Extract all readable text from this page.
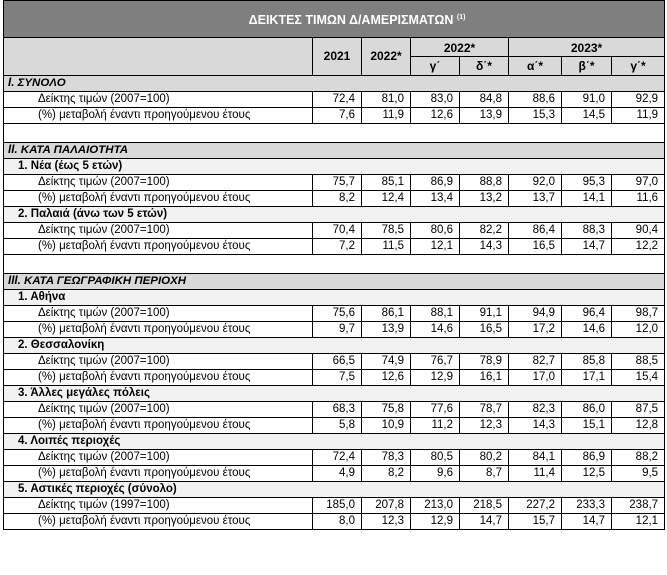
ΔΕΙΚΤΕΣ ΤΙΜΩΝ Δ/ΑΜΕΡΙΣΜΑΤΩΝ $^{(1)}$
	2021	2022*	2022*		2023*		
			γ΄	δ΄*	α΄*	β΄*	γ΄*
I. ΣΥΝΟΛΟ							
Δείκτης τιμών (2007=100)	72,4	81,0	83,0	84,8	88,6	91,0	92,9
(%) μεταβολή έναντι προηγούμενου έτους	7,6	11,9	12,6	13,9	15,3	14,5	11,9

II. ΚΑΤΑ ΠΑΛΑΙΟΤΗΤΑ							
1. Νέα (έως 5 ετών)							
Δείκτης τιμών (2007=100)	75,7	85,1	86,9	88,8	92,0	95,3	97,0
(%) μεταβολή έναντι προηγούμενου έτους	8,2	12,4	13,4	13,2	13,7	14,1	11,6
2. Παλαιά (άνω των 5 ετών)							
Δείκτης τιμών (2007=100)	70,4	78,5	80,6	82,2	86,4	88,3	90,4
(%) μεταβολή έναντι προηγούμενου έτους	7,2	11,5	12,1	14,3	16,5	14,7	12,2

III. ΚΑΤΑ ΓΕΩΓΡΑΦΙΚΗ ΠΕΡΙΟΧΗ							
1. Αθήνα							
Δείκτης τιμών (2007=100)	75,6	86,1	88,1	91,1	94,9	96,4	98,7
(%) μεταβολή έναντι προηγούμενου έτους	9,7	13,9	14,6	16,5	17,2	14,6	12,0
2. Θεσσαλονίκη							
Δείκτης τιμών (2007=100)	66,5	74,9	76,7	78,9	82,7	85,8	88,5
(%) μεταβολή έναντι προηγούμενου έτους	7,5	12,6	12,9	16,1	17,0	17,1	15,4
3. Άλλες μεγάλες πόλεις							
Δείκτης τιμών (2007=100)	68,3	75,8	77,6	78,7	82,3	86,0	87,5
(%) μεταβολή έναντι προηγούμενου έτους	5,8	10,9	11,2	12,3	14,3	15,1	12,8
4. Λοιπές περιοχές							
Δείκτης τιμών (2007=100)	72,4	78,3	80,5	80,2	84,1	86,9	88,2
(%) μεταβολή έναντι προηγούμενου έτους	4,9	8,2	9,6	8,7	11,4	12,5	9,5
5. Αστικές περιοχές (σύνολο)							
Δείκτης τιμών (1997=100)	185,0	207,8	213,0	218,5	227,2	233,3	238,7
(%) μεταβολή έναντι προηγούμενου έτους	8,0	12,3	12,9	14,7	15,7	14,7	12,1
